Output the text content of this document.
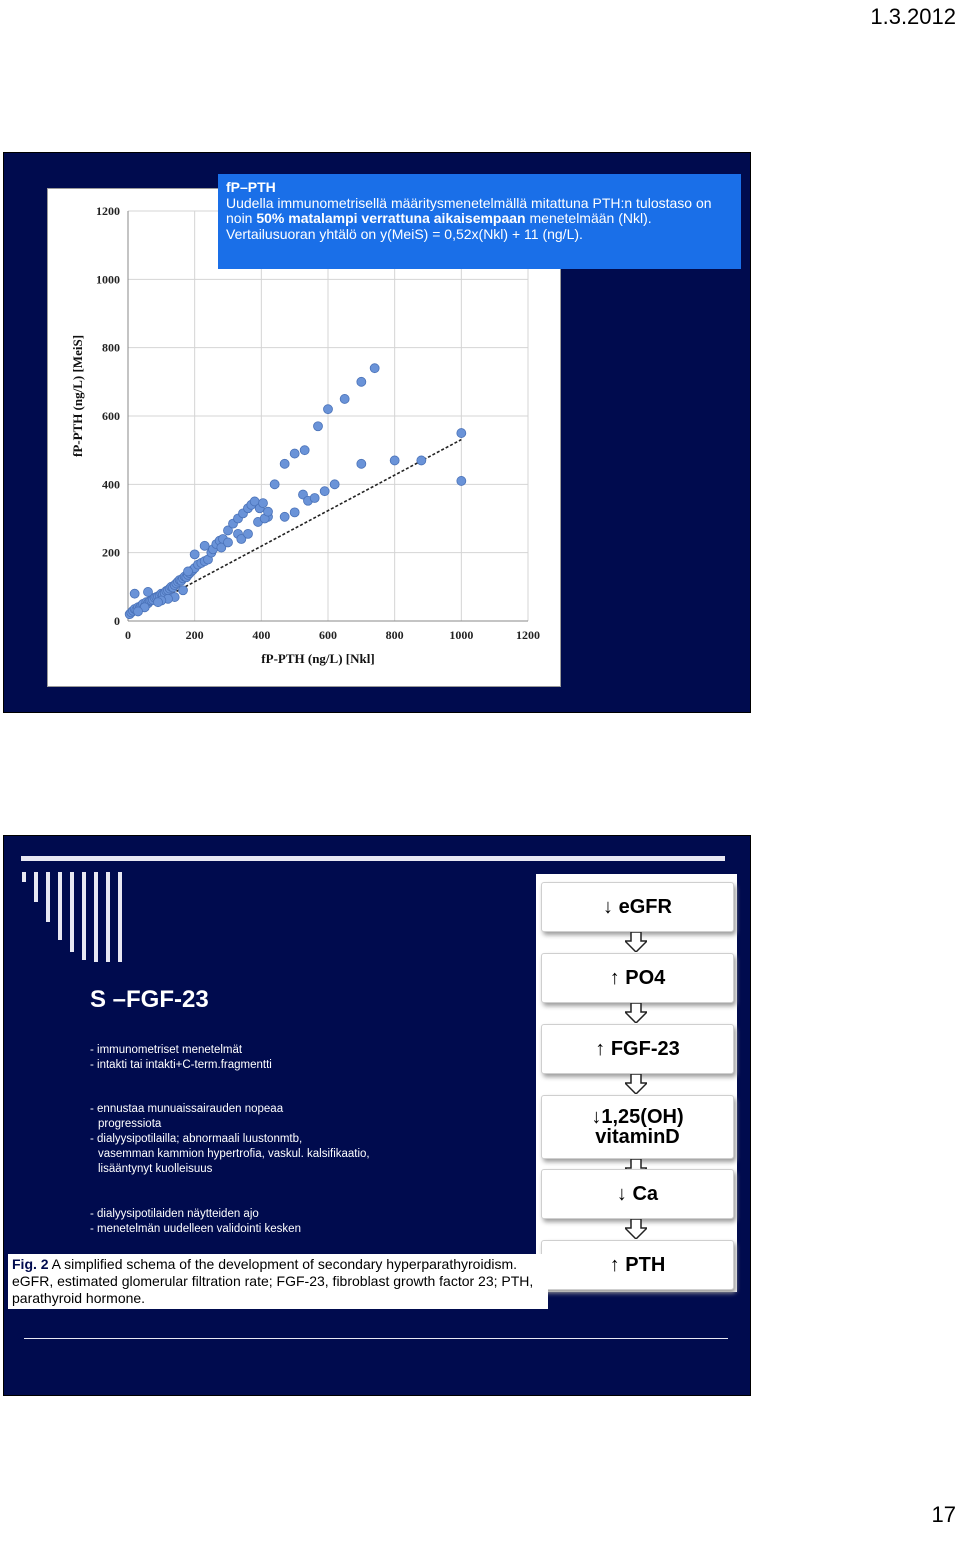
1.3.2012
0
200
400
600
800
1000
1200
0	200	400	600	800	1000	1200
fP-PTH (ng/L) [Nkl]
fP-PTH (ng/L) [MeiS]
fP–PTH
Uudella immunometrisellä määritysmenetelmällä mitattuna PTH:n tulostaso on
noin 50% matalampi verrattuna aikaisempaan menetelmään (Nkl).
Vertailusuoran yhtälö on y(MeiS) = 0,52x(Nkl) + 11 (ng/L).
S –FGF-23
- immunometriset menetelmät
- intakti tai intakti+C-term.fragmentti
- ennustaa munuaissairauden nopeaa
progressiota
- dialyysipotilailla; abnormaali luustonmtb,
vasemman kammion hypertrofia, vaskul. kalsifikaatio,
lisääntynyt kuolleisuus
- dialyysipotilaiden näytteiden ajo
- menetelmän uudelleen validointi kesken
↓
eGFR
↑
PO4
↑
FGF-23
↓1,25(OH)
vitaminD
↓
Ca
↑
PTH
Fig. 2 A simplified schema of the development of secondary hyperparathyroidism. eGFR, estimated glomerular filtration rate; FGF-23, fibroblast growth factor 23; PTH, parathyroid hormone.
17
